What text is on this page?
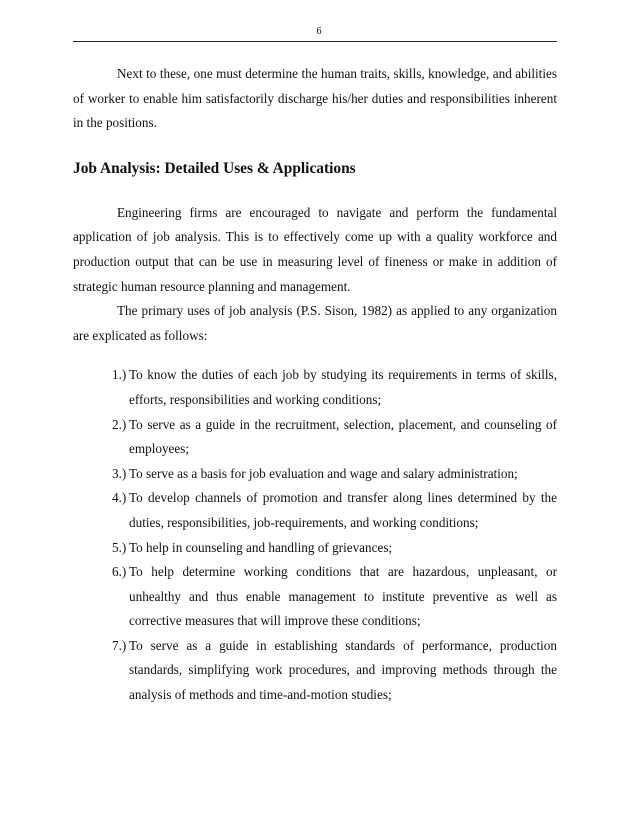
6

Next to these, one must determine the human traits, skills, knowledge, and abilities of worker to enable him satisfactorily discharge his/her duties and responsibilities inherent in the positions.

Job Analysis: Detailed Uses & Applications

Engineering firms are encouraged to navigate and perform the fundamental application of job analysis. This is to effectively come up with a quality workforce and production output that can be use in measuring level of fineness or make in addition of strategic human resource planning and management.

The primary uses of job analysis (P.S. Sison, 1982) as applied to any organization are explicated as follows:

1.) To know the duties of each job by studying its requirements in terms of skills, efforts, responsibilities and working conditions;
2.) To serve as a guide in the recruitment, selection, placement, and counseling of employees;
3.) To serve as a basis for job evaluation and wage and salary administration;
4.) To develop channels of promotion and transfer along lines determined by the duties, responsibilities, job-requirements, and working conditions;
5.) To help in counseling and handling of grievances;
6.) To help determine working conditions that are hazardous, unpleasant, or unhealthy and thus enable management to institute preventive as well as corrective measures that will improve these conditions;
7.) To serve as a guide in establishing standards of performance, production standards, simplifying work procedures, and improving methods through the analysis of methods and time-and-motion studies;
